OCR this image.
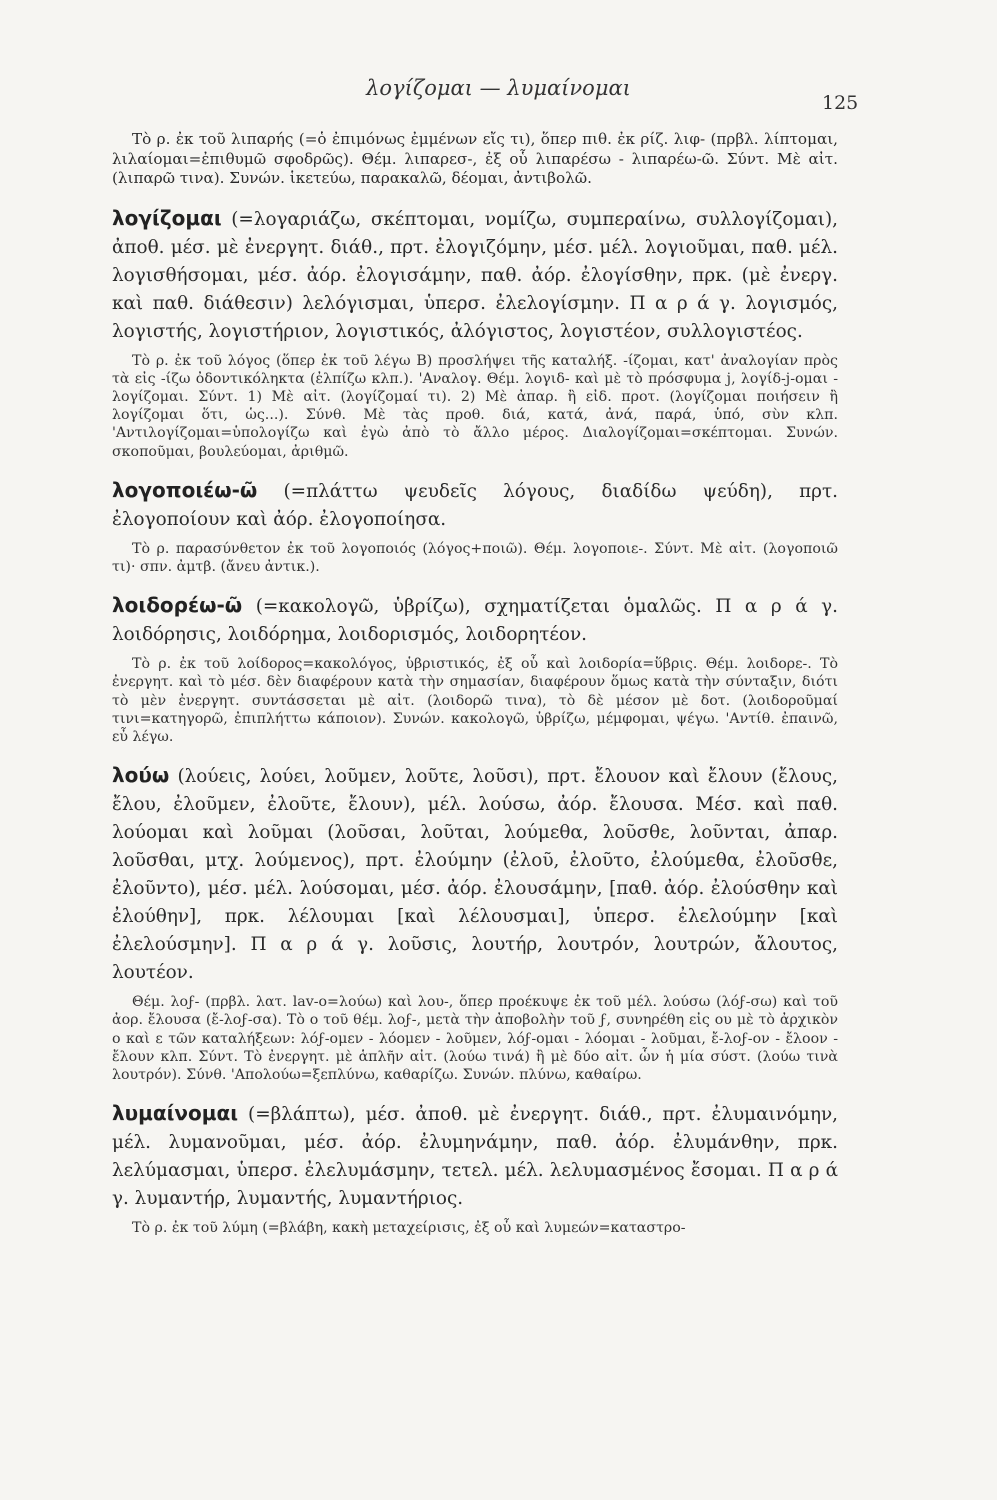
λογίζομαι — λυμαίνομαι
125

Τὸ ρ. ἐκ τοῦ λιπαρής (=ὁ ἐπιμόνως ἐμμένων εἴς τι), ὅπερ πιθ. ἐκ ρίζ. λιφ- (πρβλ. λίπτομαι, λιλαίομαι=ἐπιθυμῶ σφοδρῶς). Θέμ. λιπαρεσ-, ἐξ οὗ λιπαρέσω - λιπαρέω-ῶ. Σύντ. Μὲ αἰτ. (λιπαρῶ τινα). Συνών. ἱκετεύω, παρακαλῶ, δέομαι, ἀντιβολῶ.

λογίζομαι (=λογαριάζω, σκέπτομαι, νομίζω, συμπεραίνω, συλλογίζομαι), ἀποθ. μέσ. μὲ ἐνεργητ. διάθ., πρτ. ἐλογιζόμην, μέσ. μέλ. λογιοῦμαι, παθ. μέλ. λογισθήσομαι, μέσ. ἀόρ. ἐλογισάμην, παθ. ἀόρ. ἐλογίσθην, πρκ. (μὲ ἐνεργ. καὶ παθ. διάθεσιν) λελόγισμαι, ὑπερσ. ἐλελογίσμην. Π α ρ ά γ. λογισμός, λογιστής, λογιστήριον, λογιστικός, ἀλόγιστος, λογιστέον, συλλογιστέος.

Τὸ ρ. ἐκ τοῦ λόγος (ὅπερ ἐκ τοῦ λέγω Β) προσλήψει τῆς καταλήξ. -ίζομαι, κατ' ἀναλογίαν πρὸς τὰ εἰς -ίζω ὀδοντικόληκτα (ἐλπίζω κλπ.). 'Αναλογ. Θέμ. λογιδ- καὶ μὲ τὸ πρόσφυμα j, λογίδ-j-ομαι - λογίζομαι. Σύντ. 1) Μὲ αἰτ. (λογίζομαί τι). 2) Μὲ ἀπαρ. ἢ εἰδ. προτ. (λογίζομαι ποιήσειν ἢ λογίζομαι ὅτι, ὡς...). Σύνθ. Μὲ τὰς προθ. διά, κατά, ἀνά, παρά, ὑπό, σὺν κλπ. 'Αντιλογίζομαι=ὑπολογίζω καὶ ἐγὼ ἀπὸ τὸ ἄλλο μέρος. Διαλογίζομαι=σκέπτομαι. Συνών. σκοποῦμαι, βουλεύομαι, ἀριθμῶ.

λογοποιέω-ῶ (=πλάττω ψευδεῖς λόγους, διαδίδω ψεύδη), πρτ. ἐλογοποίουν καὶ ἀόρ. ἐλογοποίησα.

Τὸ ρ. παρασύνθετον ἐκ τοῦ λογοποιός (λόγος+ποιῶ). Θέμ. λογοποιε-. Σύντ. Μὲ αἰτ. (λογοποιῶ τι)· σπν. ἀμτβ. (ἄνευ ἀντικ.).

λοιδορέω-ῶ (=κακολογῶ, ὑβρίζω), σχηματίζεται ὁμαλῶς. Π α ρ ά γ. λοιδόρησις, λοιδόρημα, λοιδορισμός, λοιδορητέον.

Τὸ ρ. ἐκ τοῦ λοίδορος=κακολόγος, ὑβριστικός, ἐξ οὗ καὶ λοιδορία=ὕβρις. Θέμ. λοιδορε-. Τὸ ἐνεργητ. καὶ τὸ μέσ. δὲν διαφέρουν κατὰ τὴν σημασίαν, διαφέρουν ὅμως κατὰ τὴν σύνταξιν, διότι τὸ μὲν ἐνεργητ. συντάσσεται μὲ αἰτ. (λοιδορῶ τινα), τὸ δὲ μέσον μὲ δοτ. (λοιδοροῦμαί τινι=κατηγορῶ, ἐπιπλήττω κάποιον). Συνών. κακολογῶ, ὑβρίζω, μέμφομαι, ψέγω. 'Αντίθ. ἐπαινῶ, εὖ λέγω.

λούω (λούεις, λούει, λοῦμεν, λοῦτε, λοῦσι), πρτ. ἔλουον καὶ ἔλουν (ἔλους, ἔλου, ἐλοῦμεν, ἐλοῦτε, ἔλουν), μέλ. λούσω, ἀόρ. ἔλουσα. Μέσ. καὶ παθ. λούομαι καὶ λοῦμαι (λοῦσαι, λοῦται, λούμεθα, λοῦσθε, λοῦνται, ἀπαρ. λοῦσθαι, μτχ. λούμενος), πρτ. ἐλούμην (ἐλοῦ, ἐλοῦτο, ἐλούμεθα, ἐλοῦσθε, ἐλοῦντο), μέσ. μέλ. λούσομαι, μέσ. ἀόρ. ἐλουσάμην, [παθ. ἀόρ. ἐλούσθην καὶ ἐλούθην], πρκ. λέλουμαι [καὶ λέλουσμαι], ὑπερσ. ἐλελούμην [καὶ ἐλελούσμην]. Π α ρ ά γ. λοῦσις, λουτήρ, λουτρόν, λουτρών, ἄλουτος, λουτέον.

Θέμ. λοϝ- (πρβλ. λατ. lav-o=λούω) καὶ λου-, ὅπερ προέκυψε ἐκ τοῦ μέλ. λούσω (λόϝ-σω) καὶ τοῦ ἀορ. ἔλουσα (ἔ-λοϝ-σα). Τὸ ο τοῦ θέμ. λοϝ-, μετὰ τὴν ἀποβολὴν τοῦ ϝ, συνηρέθη εἰς ου μὲ τὸ ἀρχικὸν ο καὶ ε τῶν καταλήξεων: λόϝ-ομεν - λόομεν - λοῦμεν, λόϝ-ομαι - λόομαι - λοῦμαι, ἔ-λοϝ-ον - ἔλοον - ἔλουν κλπ. Σύντ. Τὸ ἐνεργητ. μὲ ἁπλῆν αἰτ. (λούω τινά) ἢ μὲ δύο αἰτ. ὧν ἡ μία σύστ. (λούω τινὰ λουτρόν). Σύνθ. 'Απολούω=ξεπλύνω, καθαρίζω. Συνών. πλύνω, καθαίρω.

λυμαίνομαι (=βλάπτω), μέσ. ἀποθ. μὲ ἐνεργητ. διάθ., πρτ. ἐλυμαινόμην, μέλ. λυμανοῦμαι, μέσ. ἀόρ. ἐλυμηνάμην, παθ. ἀόρ. ἐλυμάνθην, πρκ. λελύμασμαι, ὑπερσ. ἐλελυμάσμην, τετελ. μέλ. λελυμασμένος ἔσομαι. Π α ρ ά γ. λυμαντήρ, λυμαντής, λυμαντήριος.

Τὸ ρ. ἐκ τοῦ λύμη (=βλάβη, κακὴ μεταχείρισις, ἐξ οὗ καὶ λυμεών=καταστρο-
